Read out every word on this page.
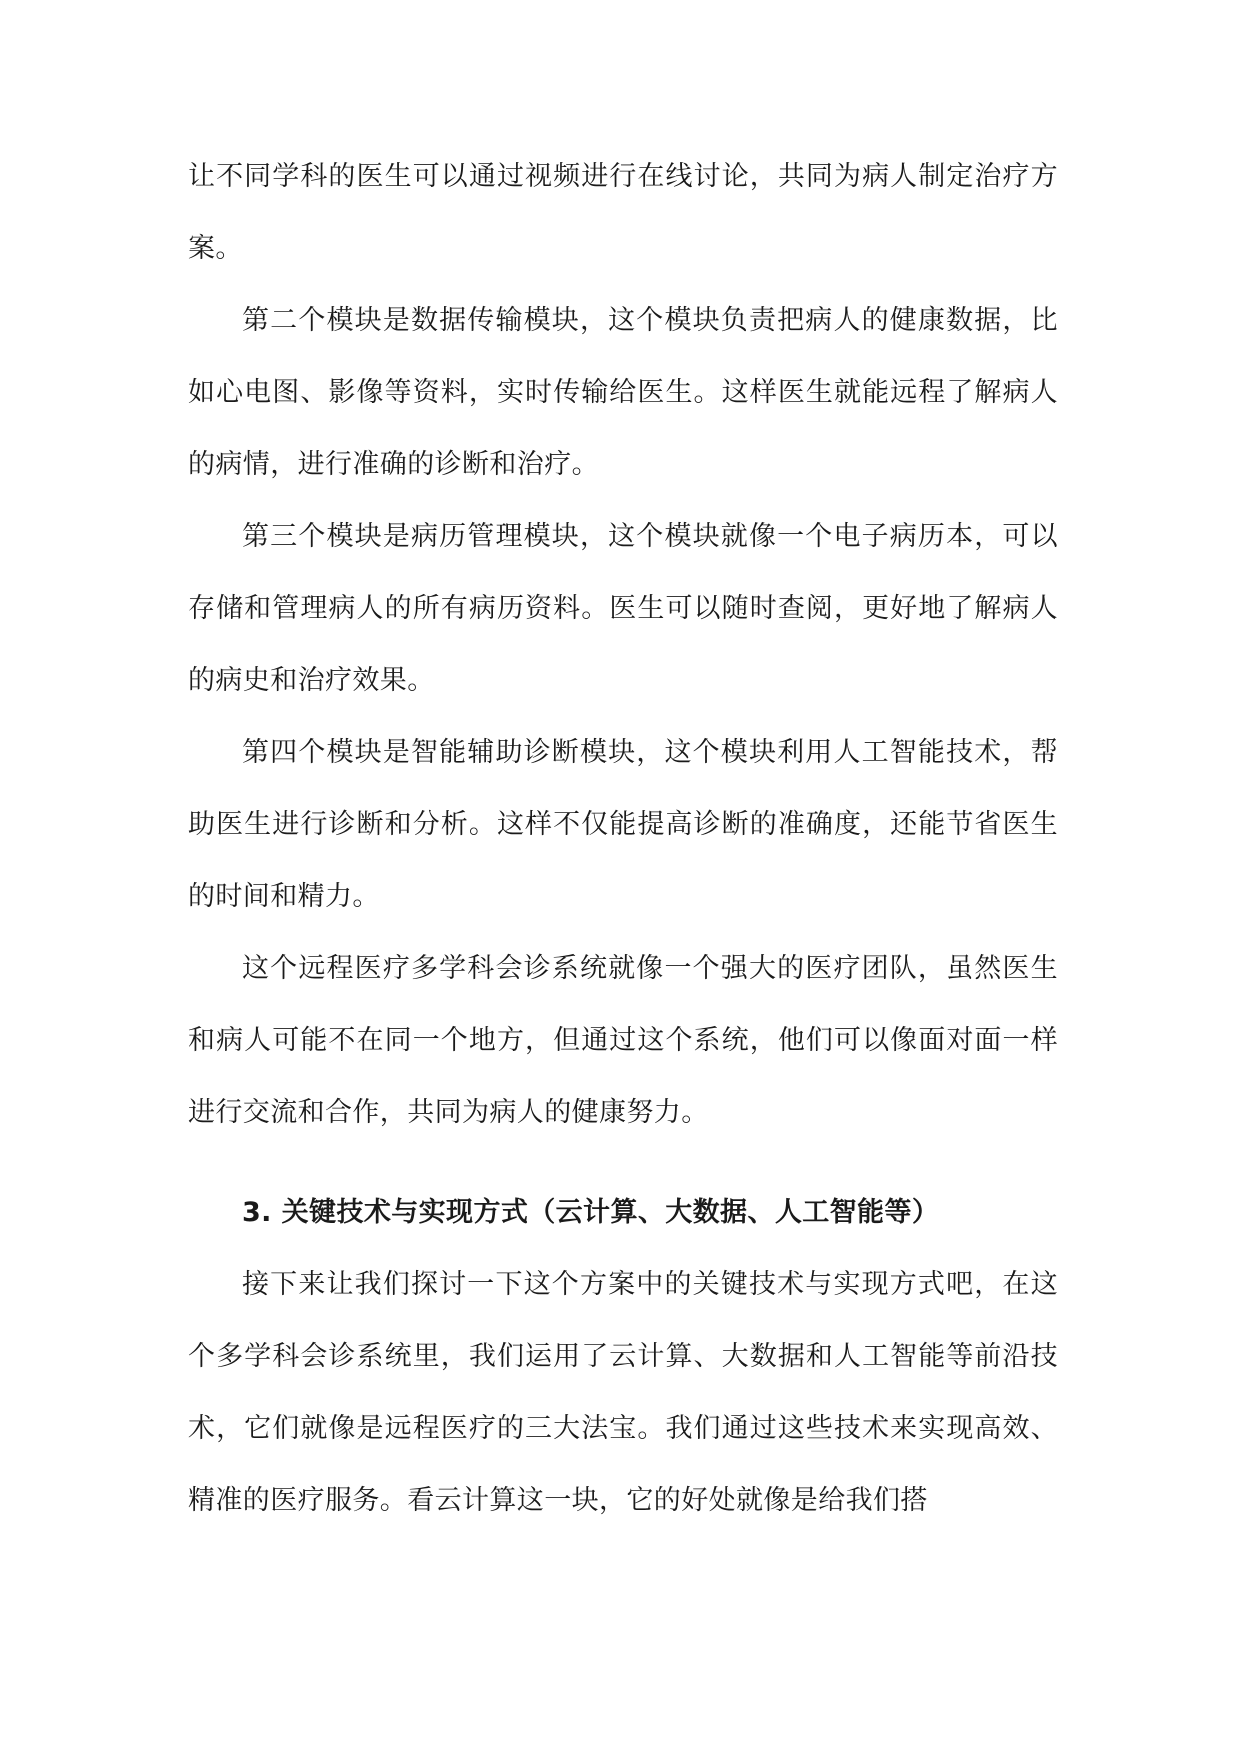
让不同学科的医生可以通过视频进行在线讨论，共同为病人制定治疗方案。

第二个模块是数据传输模块，这个模块负责把病人的健康数据，比如心电图、影像等资料，实时传输给医生。这样医生就能远程了解病人的病情，进行准确的诊断和治疗。

第三个模块是病历管理模块，这个模块就像一个电子病历本，可以存储和管理病人的所有病历资料。医生可以随时查阅，更好地了解病人的病史和治疗效果。

第四个模块是智能辅助诊断模块，这个模块利用人工智能技术，帮助医生进行诊断和分析。这样不仅能提高诊断的准确度，还能节省医生的时间和精力。

这个远程医疗多学科会诊系统就像一个强大的医疗团队，虽然医生和病人可能不在同一个地方，但通过这个系统，他们可以像面对面一样进行交流和合作，共同为病人的健康努力。

3. 关键技术与实现方式（云计算、大数据、人工智能等）

接下来让我们探讨一下这个方案中的关键技术与实现方式吧，在这个多学科会诊系统里，我们运用了云计算、大数据和人工智能等前沿技术，它们就像是远程医疗的三大法宝。我们通过这些技术来实现高效、精准的医疗服务。看云计算这一块，它的好处就像是给我们搭
